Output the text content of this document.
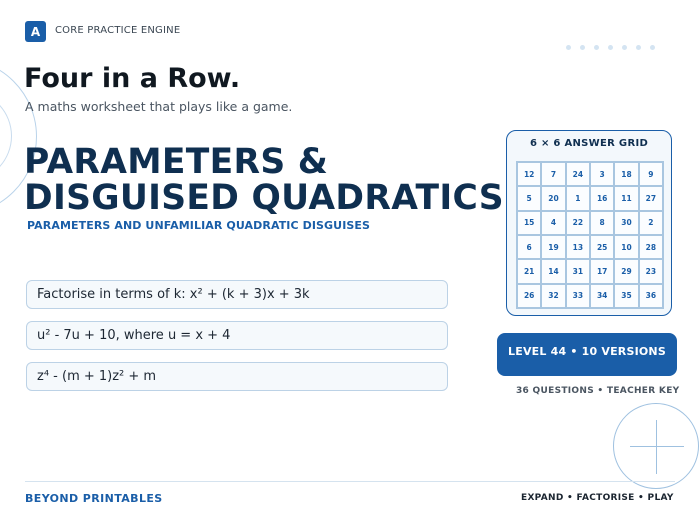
A	CORE PRACTICE ENGINE
Four in a Row.
A maths worksheet that plays like a game.
PARAMETERS &
DISGUISED QUADRATICS
PARAMETERS AND UNFAMILIAR QUADRATIC DISGUISES
Factorise in terms of k: x² + (k + 3)x + 3k
u² - 7u + 10, where u = x + 4
z⁴ - (m + 1)z² + m
6 × 6 ANSWER GRID
12	7	24	3	18	9
5	20	1	16	11	27
15	4	22	8	30	2
6	19	13	25	10	28
21	14	31	17	29	23
26	32	33	34	35	36
LEVEL 44 • 10 VERSIONS
36 QUESTIONS • TEACHER KEY
BEYOND PRINTABLES	EXPAND • FACTORISE • PLAY
